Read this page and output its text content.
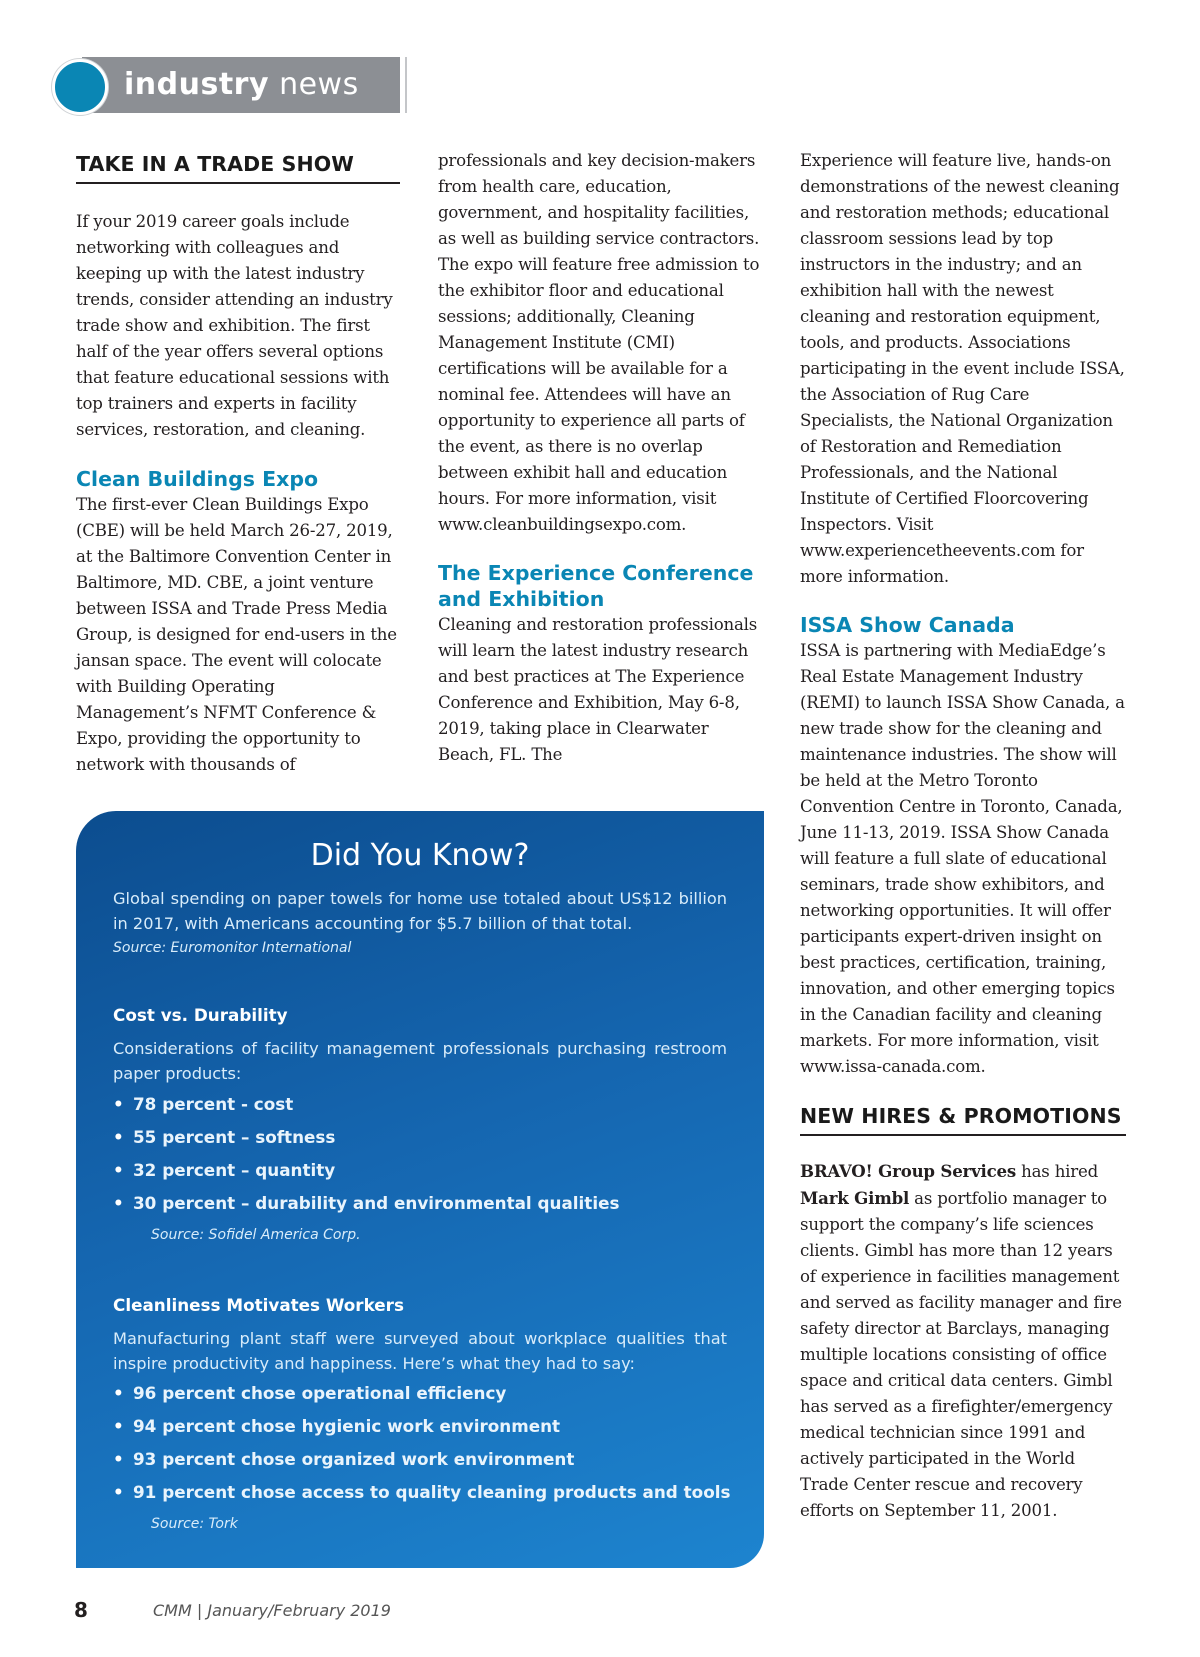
industry news
TAKE IN A TRADE SHOW

If your 2019 career goals include networking with colleagues and keeping up with the latest industry trends, consider attending an industry trade show and exhibition. The first half of the year offers several options that feature educational sessions with top trainers and experts in facility services, restoration, and cleaning.

Clean Buildings Expo

The first-ever Clean Buildings Expo (CBE) will be held March 26-27, 2019, at the Baltimore Convention Center in Baltimore, MD. CBE, a joint venture between ISSA and Trade Press Media Group, is designed for end-users in the jansan space. The event will colocate with Building Operating Management’s NFMT Conference & Expo, providing the opportunity to network with thousands of

professionals and key decision-makers from health care, education, government, and hospitality facilities, as well as building service contractors. The expo will feature free admission to the exhibitor floor and educational sessions; additionally, Cleaning Management Institute (CMI) certifications will be available for a nominal fee. Attendees will have an opportunity to experience all parts of the event, as there is no overlap between exhibit hall and education hours. For more information, visit www.cleanbuildingsexpo.com.

The Experience Conference and Exhibition

Cleaning and restoration professionals will learn the latest industry research and best practices at The Experience Conference and Exhibition, May 6-8, 2019, taking place in Clearwater Beach, FL. The

Experience will feature live, hands-on demonstrations of the newest cleaning and restoration methods; educational classroom sessions lead by top instructors in the industry; and an exhibition hall with the newest cleaning and restoration equipment, tools, and products. Associations participating in the event include ISSA, the Association of Rug Care Specialists, the National Organization of Restoration and Remediation Professionals, and the National Institute of Certified Floorcovering Inspectors. Visit www.experiencetheevents.com for more information.

ISSA Show Canada

ISSA is partnering with MediaEdge’s Real Estate Management Industry (REMI) to launch ISSA Show Canada, a new trade show for the cleaning and maintenance industries. The show will be held at the Metro Toronto Convention Centre in Toronto, Canada, June 11-13, 2019. ISSA Show Canada will feature a full slate of educational seminars, trade show exhibitors, and networking opportunities. It will offer participants expert-driven insight on best practices, certification, training, innovation, and other emerging topics in the Canadian facility and cleaning markets. For more information, visit www.issa-canada.com.

NEW HIRES & PROMOTIONS

BRAVO! Group Services has hired Mark Gimbl as portfolio manager to support the company’s life sciences clients. Gimbl has more than 12 years of experience in facilities management and served as facility manager and fire safety director at Barclays, managing multiple locations consisting of office space and critical data centers. Gimbl has served as a firefighter/emergency medical technician since 1991 and actively participated in the World Trade Center rescue and recovery efforts on September 11, 2001.

Did You Know?

Global spending on paper towels for home use totaled about US$12 billion in 2017, with Americans accounting for $5.7 billion of that total.

Source: Euromonitor International
Cost vs. Durability

Considerations of facility management professionals purchasing restroom paper products:

• 78 percent - cost
• 55 percent – softness
• 32 percent – quantity
• 30 percent – durability and environmental qualities
Source: Sofidel America Corp.
Cleanliness Motivates Workers

Manufacturing plant staff were surveyed about workplace qualities that inspire productivity and happiness. Here’s what they had to say:

• 96 percent chose operational efficiency
• 94 percent chose hygienic work environment
• 93 percent chose organized work environment
• 91 percent chose access to quality cleaning products and tools
Source: Tork
8	CMM | January/February 2019
